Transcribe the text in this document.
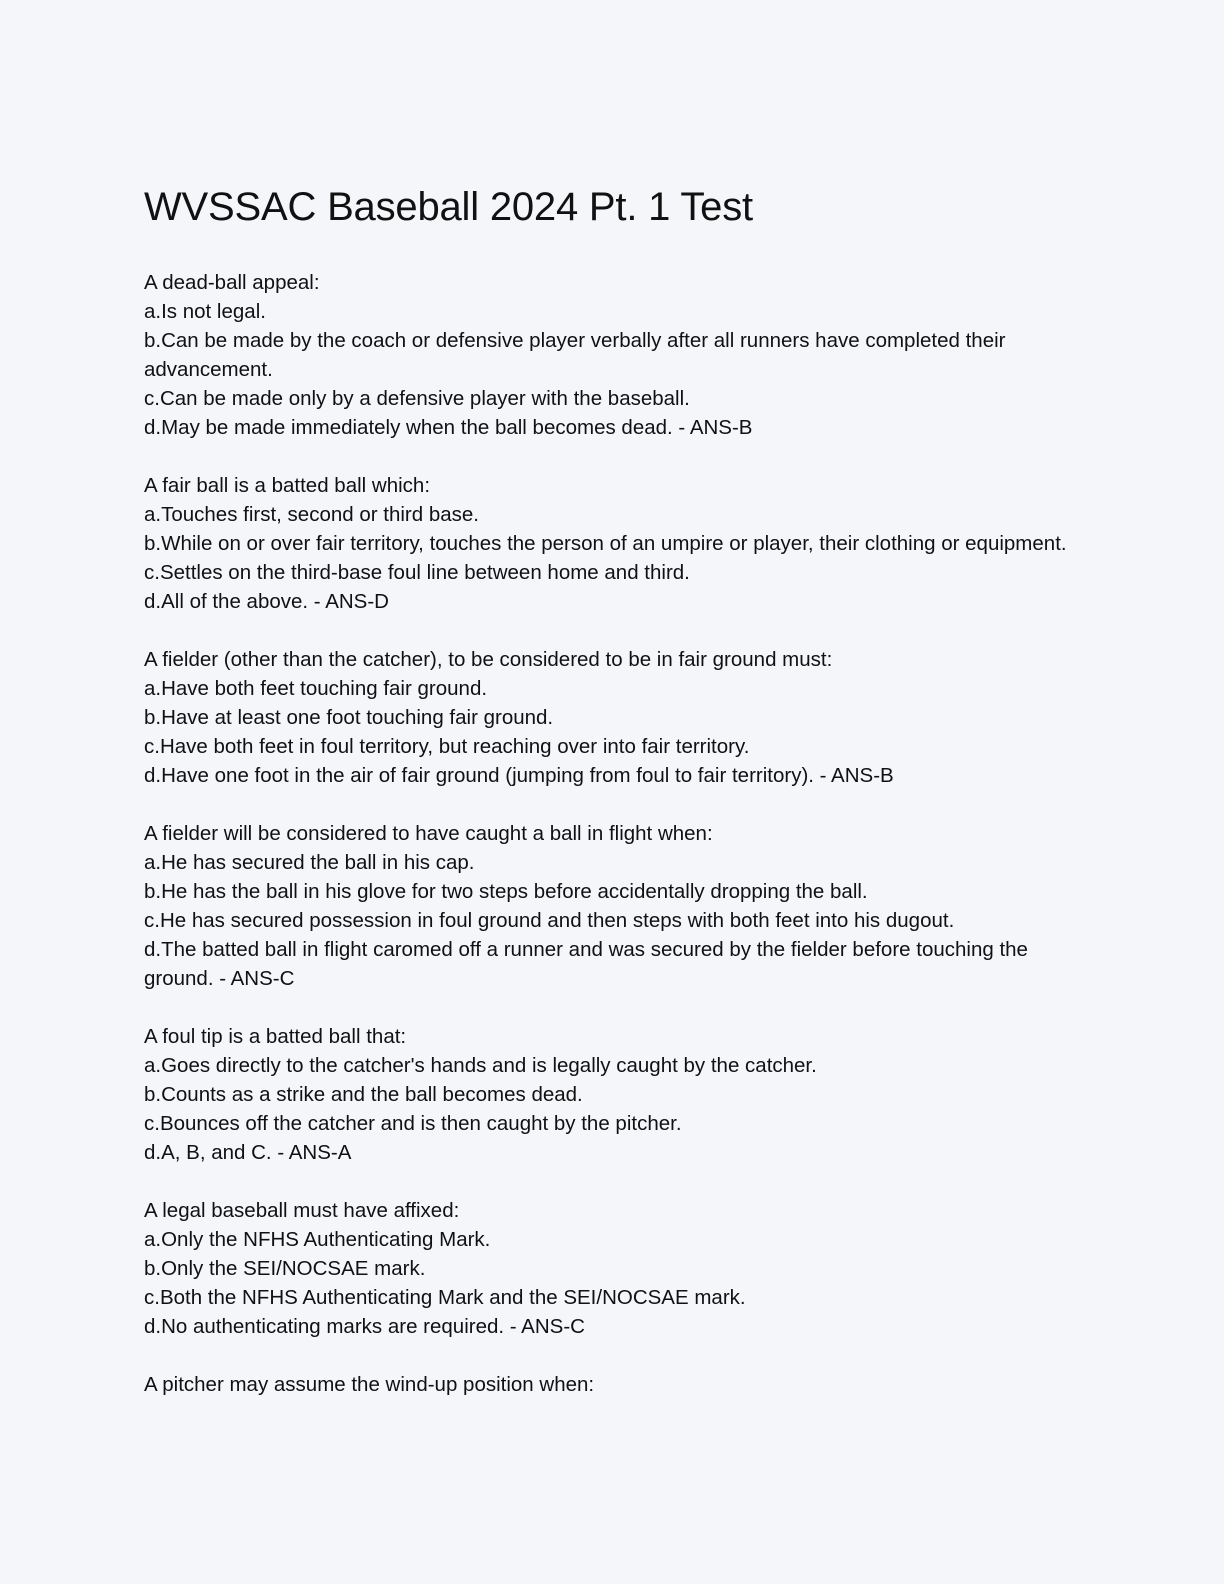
WVSSAC Baseball 2024 Pt. 1 Test
A dead-ball appeal:
a.Is not legal.
b.Can be made by the coach or defensive player verbally after all runners have completed their advancement.
c.Can be made only by a defensive player with the baseball.
d.May be made immediately when the ball becomes dead. - ANS-B
A fair ball is a batted ball which:
a.Touches first, second or third base.
b.While on or over fair territory, touches the person of an umpire or player, their clothing or equipment.
c.Settles on the third-base foul line between home and third.
d.All of the above. - ANS-D
A fielder (other than the catcher), to be considered to be in fair ground must:
a.Have both feet touching fair ground.
b.Have at least one foot touching fair ground.
c.Have both feet in foul territory, but reaching over into fair territory.
d.Have one foot in the air of fair ground (jumping from foul to fair territory). - ANS-B
A fielder will be considered to have caught a ball in flight when:
a.He has secured the ball in his cap.
b.He has the ball in his glove for two steps before accidentally dropping the ball.
c.He has secured possession in foul ground and then steps with both feet into his dugout.
d.The batted ball in flight caromed off a runner and was secured by the fielder before touching the ground. - ANS-C
A foul tip is a batted ball that:
a.Goes directly to the catcher's hands and is legally caught by the catcher.
b.Counts as a strike and the ball becomes dead.
c.Bounces off the catcher and is then caught by the pitcher.
d.A, B, and C. - ANS-A
A legal baseball must have affixed:
a.Only the NFHS Authenticating Mark.
b.Only the SEI/NOCSAE mark.
c.Both the NFHS Authenticating Mark and the SEI/NOCSAE mark.
d.No authenticating marks are required. - ANS-C
A pitcher may assume the wind-up position when:
